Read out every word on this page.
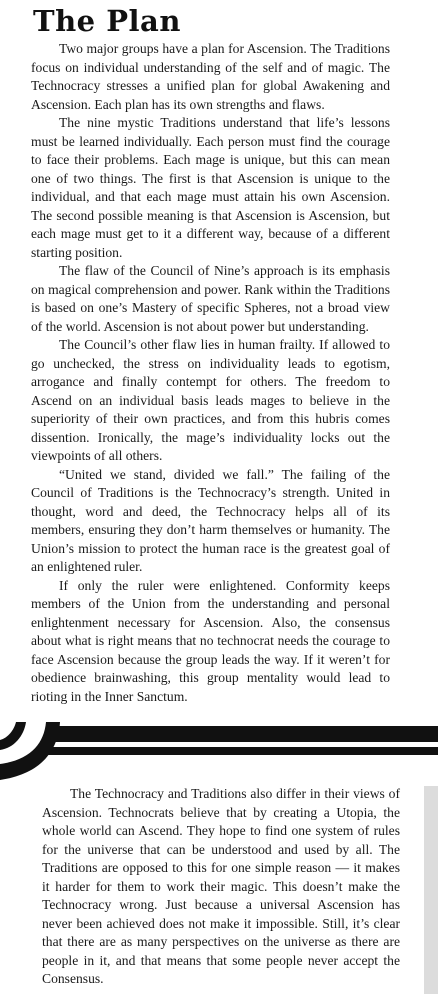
The Plan

Two major groups have a plan for Ascension. The Traditions focus on individual understanding of the self and of magic. The Technocracy stresses a unified plan for global Awakening and Ascension. Each plan has its own strengths and flaws.

The nine mystic Traditions understand that life’s lessons must be learned individually. Each person must find the courage to face their problems. Each mage is unique, but this can mean one of two things. The first is that Ascension is unique to the individual, and that each mage must attain his own Ascension. The second possible meaning is that Ascension is Ascension, but each mage must get to it a different way, because of a different starting position.

The flaw of the Council of Nine’s approach is its emphasis on magical comprehension and power. Rank within the Traditions is based on one’s Mastery of specific Spheres, not a broad view of the world. Ascension is not about power but understanding.

The Council’s other flaw lies in human frailty. If allowed to go unchecked, the stress on individuality leads to egotism, arrogance and finally contempt for others. The freedom to Ascend on an individual basis leads mages to believe in the superiority of their own practices, and from this hubris comes dissention. Ironically, the mage’s individuality locks out the viewpoints of all others.

“United we stand, divided we fall.” The failing of the Council of Traditions is the Technocracy’s strength. United in thought, word and deed, the Technocracy helps all of its members, ensuring they don’t harm themselves or humanity. The Union’s mission to protect the human race is the greatest goal of an enlightened ruler.

If only the ruler were enlightened. Conformity keeps members of the Union from the understanding and personal enlightenment necessary for Ascension. Also, the consensus about what is right means that no technocrat needs the courage to face Ascension because the group leads the way. If it weren’t for obedience brainwashing, this group mentality would lead to rioting in the Inner Sanctum.

The Technocracy and Traditions also differ in their views of Ascension. Technocrats believe that by creating a Utopia, the whole world can Ascend. They hope to find one system of rules for the universe that can be understood and used by all. The Traditions are opposed to this for one simple reason — it makes it harder for them to work their magic. This doesn’t make the Technocracy wrong. Just because a universal Ascension has never been achieved does not make it impossible. Still, it’s clear that there are as many perspectives on the universe as there are people in it, and that means that some people never accept the Consensus.
